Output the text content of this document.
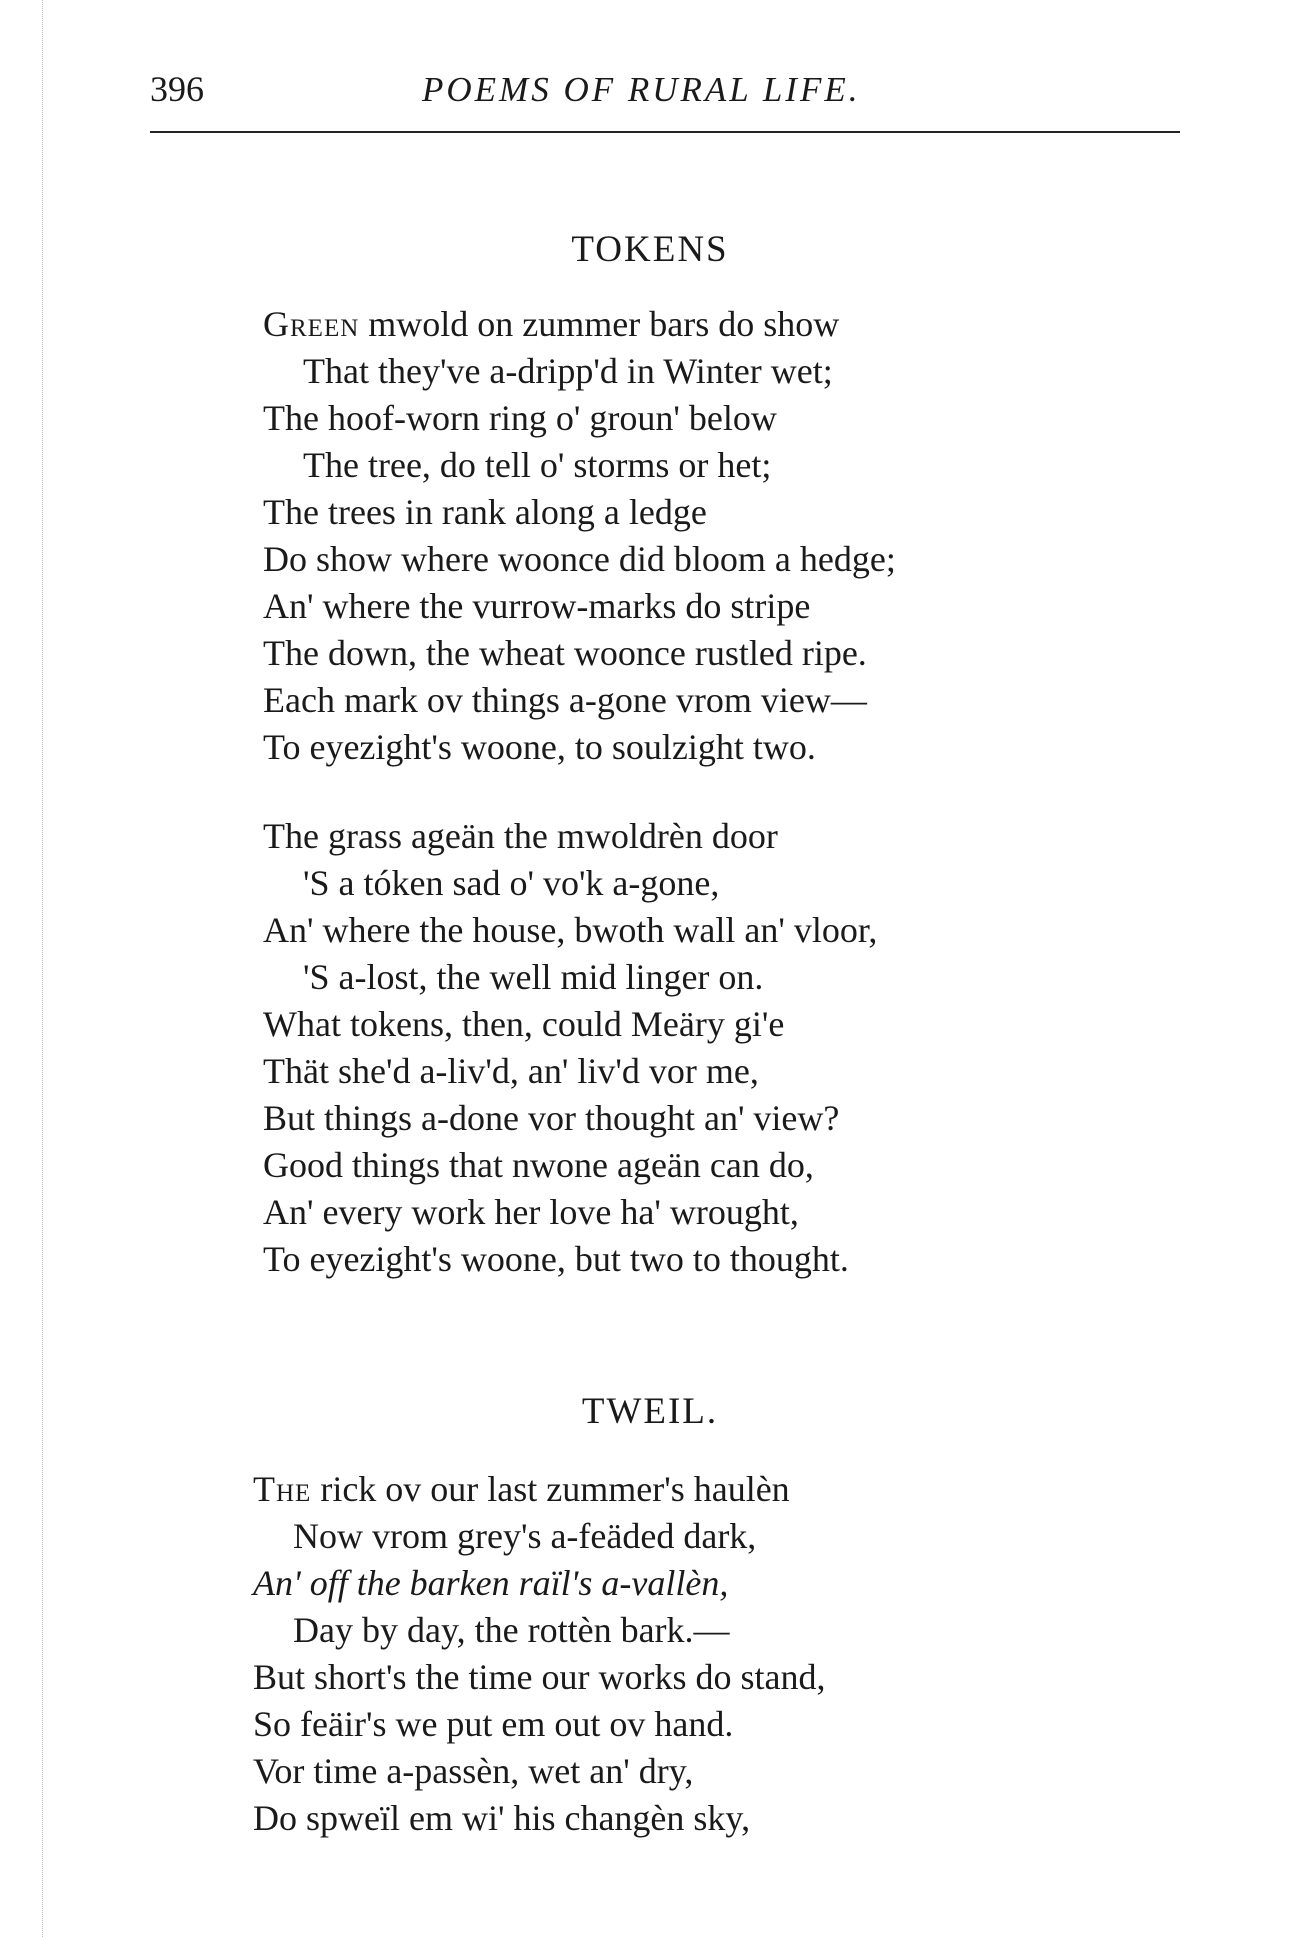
396	POEMS OF RURAL LIFE.
TOKENS
Green mwold on zummer bars do show
That they've a-dripp'd in Winter wet;
The hoof-worn ring o' groun' below
The tree, do tell o' storms or het;
The trees in rank along a ledge
Do show where woonce did bloom a hedge;
An' where the vurrow-marks do stripe
The down, the wheat woonce rustled ripe.
Each mark ov things a-gone vrom view—
To eyezight's woone, to soulzight two.
The grass ageän the mwoldrèn door
'S a tóken sad o' vo'k a-gone,
An' where the house, bwoth wall an' vloor,
'S a-lost, the well mid linger on.
What tokens, then, could Meäry gi'e
Thät she'd a-liv'd, an' liv'd vor me,
But things a-done vor thought an' view?
Good things that nwone ageän can do,
An' every work her love ha' wrought,
To eyezight's woone, but two to thought.
TWEIL.
The rick ov our last zummer's haulèn
Now vrom grey's a-feäded dark,
An' off the barken raïl's a-vallèn,
Day by day, the rottèn bark.—
But short's the time our works do stand,
So feäir's we put em out ov hand.
Vor time a-passèn, wet an' dry,
Do spweïl em wi' his changèn sky,
